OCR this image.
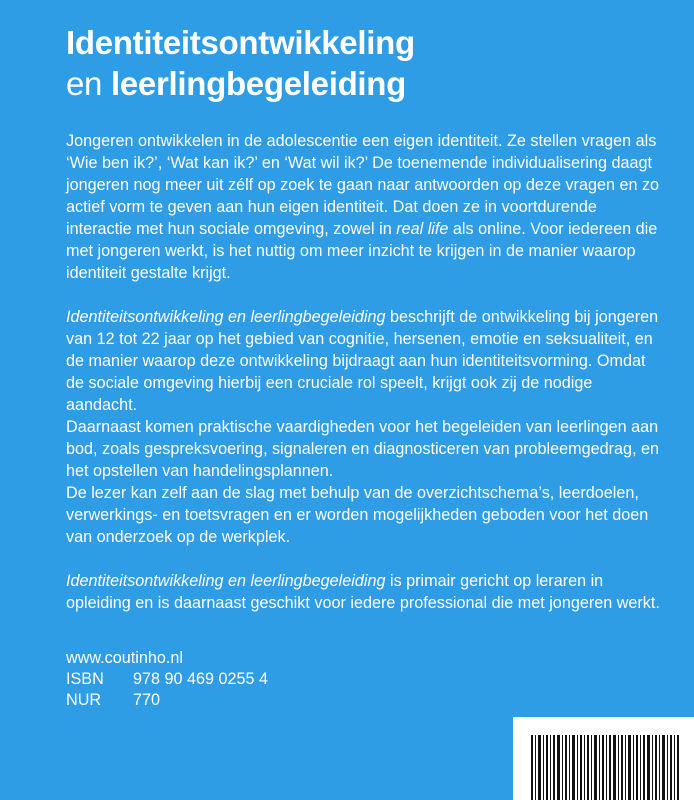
Identiteitsontwikkeling
en leerlingbegeleiding

Jongeren ontwikkelen in de adolescentie een eigen identiteit. Ze stellen vragen als ‘Wie ben ik?’, ‘Wat kan ik?’ en ‘Wat wil ik?’ De toenemende individualisering daagt jongeren nog meer uit zélf op zoek te gaan naar antwoorden op deze vragen en zo actief vorm te geven aan hun eigen identiteit. Dat doen ze in voortdurende interactie met hun sociale omgeving, zowel in real life als online. Voor iedereen die met jongeren werkt, is het nuttig om meer inzicht te krijgen in de manier waarop identiteit gestalte krijgt.

Identiteitsontwikkeling en leerlingbegeleiding beschrijft de ontwikkeling bij jongeren van 12 tot 22 jaar op het gebied van cognitie, hersenen, emotie en seksualiteit, en de manier waarop deze ontwikkeling bijdraagt aan hun identiteitsvorming. Omdat de sociale omgeving hierbij een cruciale rol speelt, krijgt ook zij de nodige aandacht.

Daarnaast komen praktische vaardigheden voor het begeleiden van leerlingen aan bod, zoals gespreksvoering, signaleren en diagnosticeren van probleemgedrag, en het opstellen van handelingsplannen.

De lezer kan zelf aan de slag met behulp van de overzichtschema’s, leerdoelen, verwerkings- en toetsvragen en er worden mogelijkheden geboden voor het doen van onderzoek op de werkplek.

Identiteitsontwikkeling en leerlingbegeleiding is primair gericht op leraren in opleiding en is daarnaast geschikt voor iedere professional die met jongeren werkt.

www.coutinho.nl
ISBN	978 90 469 0255 4
NUR	770
